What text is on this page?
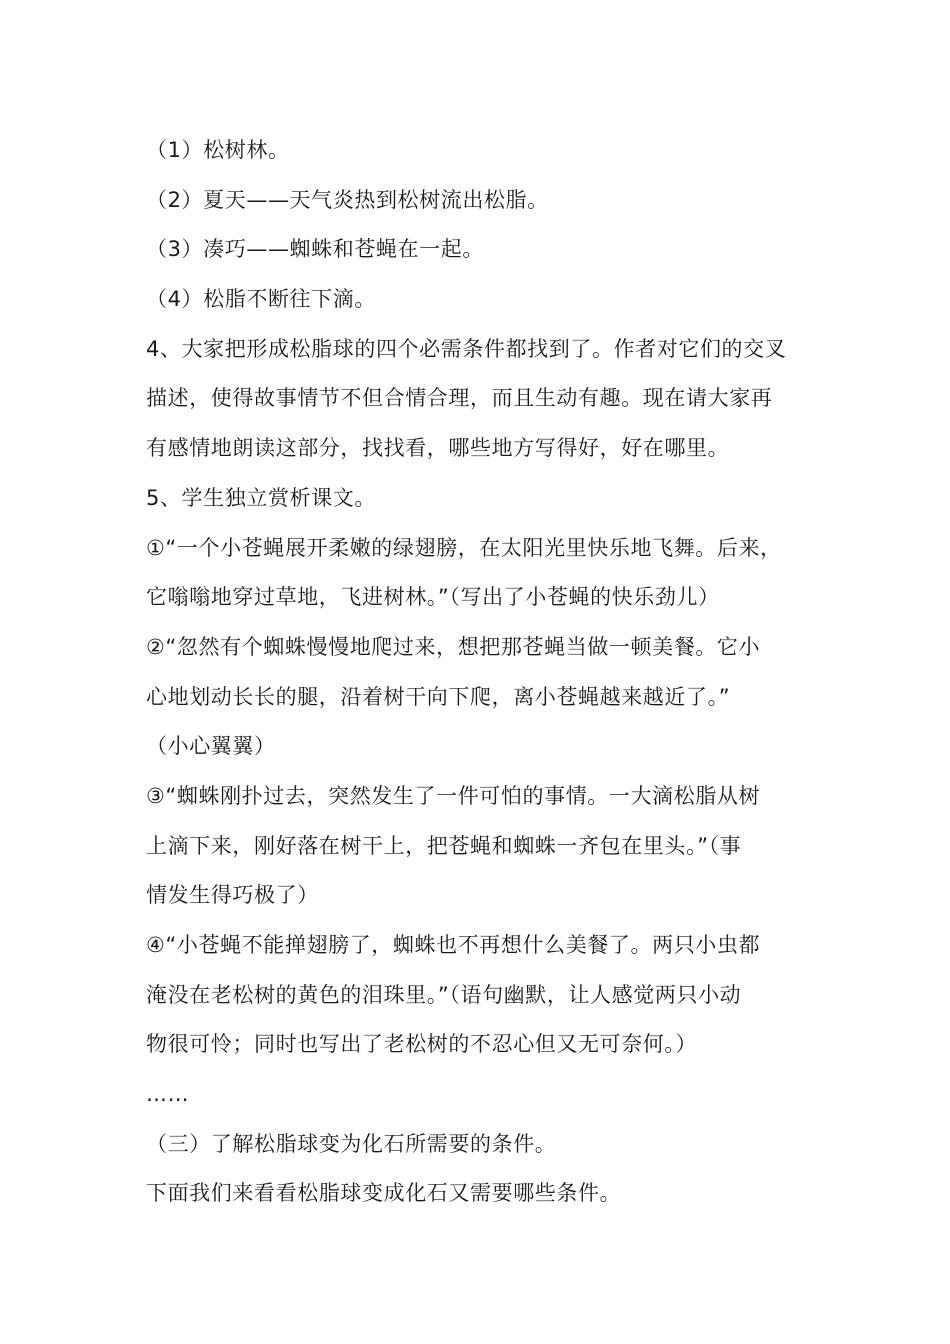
（1）松树林。
（2）夏天——天气炎热到松树流出松脂。
（3）凑巧——蜘蛛和苍蝇在一起。
（4）松脂不断往下滴。
4、大家把形成松脂球的四个必需条件都找到了。作者对它们的交叉
描述，使得故事情节不但合情合理，而且生动有趣。现在请大家再
有感情地朗读这部分，找找看，哪些地方写得好，好在哪里。
5、学生独立赏析课文。
①“一个小苍蝇展开柔嫩的绿翅膀，在太阳光里快乐地飞舞。后来，
它嗡嗡地穿过草地，飞进树林。”（写出了小苍蝇的快乐劲儿）
②“忽然有个蜘蛛慢慢地爬过来，想把那苍蝇当做一顿美餐。它小
心地划动长长的腿，沿着树干向下爬，离小苍蝇越来越近了。”
（小心翼翼）
③“蜘蛛刚扑过去，突然发生了一件可怕的事情。一大滴松脂从树
上滴下来，刚好落在树干上，把苍蝇和蜘蛛一齐包在里头。”（事
情发生得巧极了）
④“小苍蝇不能掸翅膀了，蜘蛛也不再想什么美餐了。两只小虫都
淹没在老松树的黄色的泪珠里。”（语句幽默，让人感觉两只小动
物很可怜；同时也写出了老松树的不忍心但又无可奈何。）
……
（三）了解松脂球变为化石所需要的条件。
下面我们来看看松脂球变成化石又需要哪些条件。
